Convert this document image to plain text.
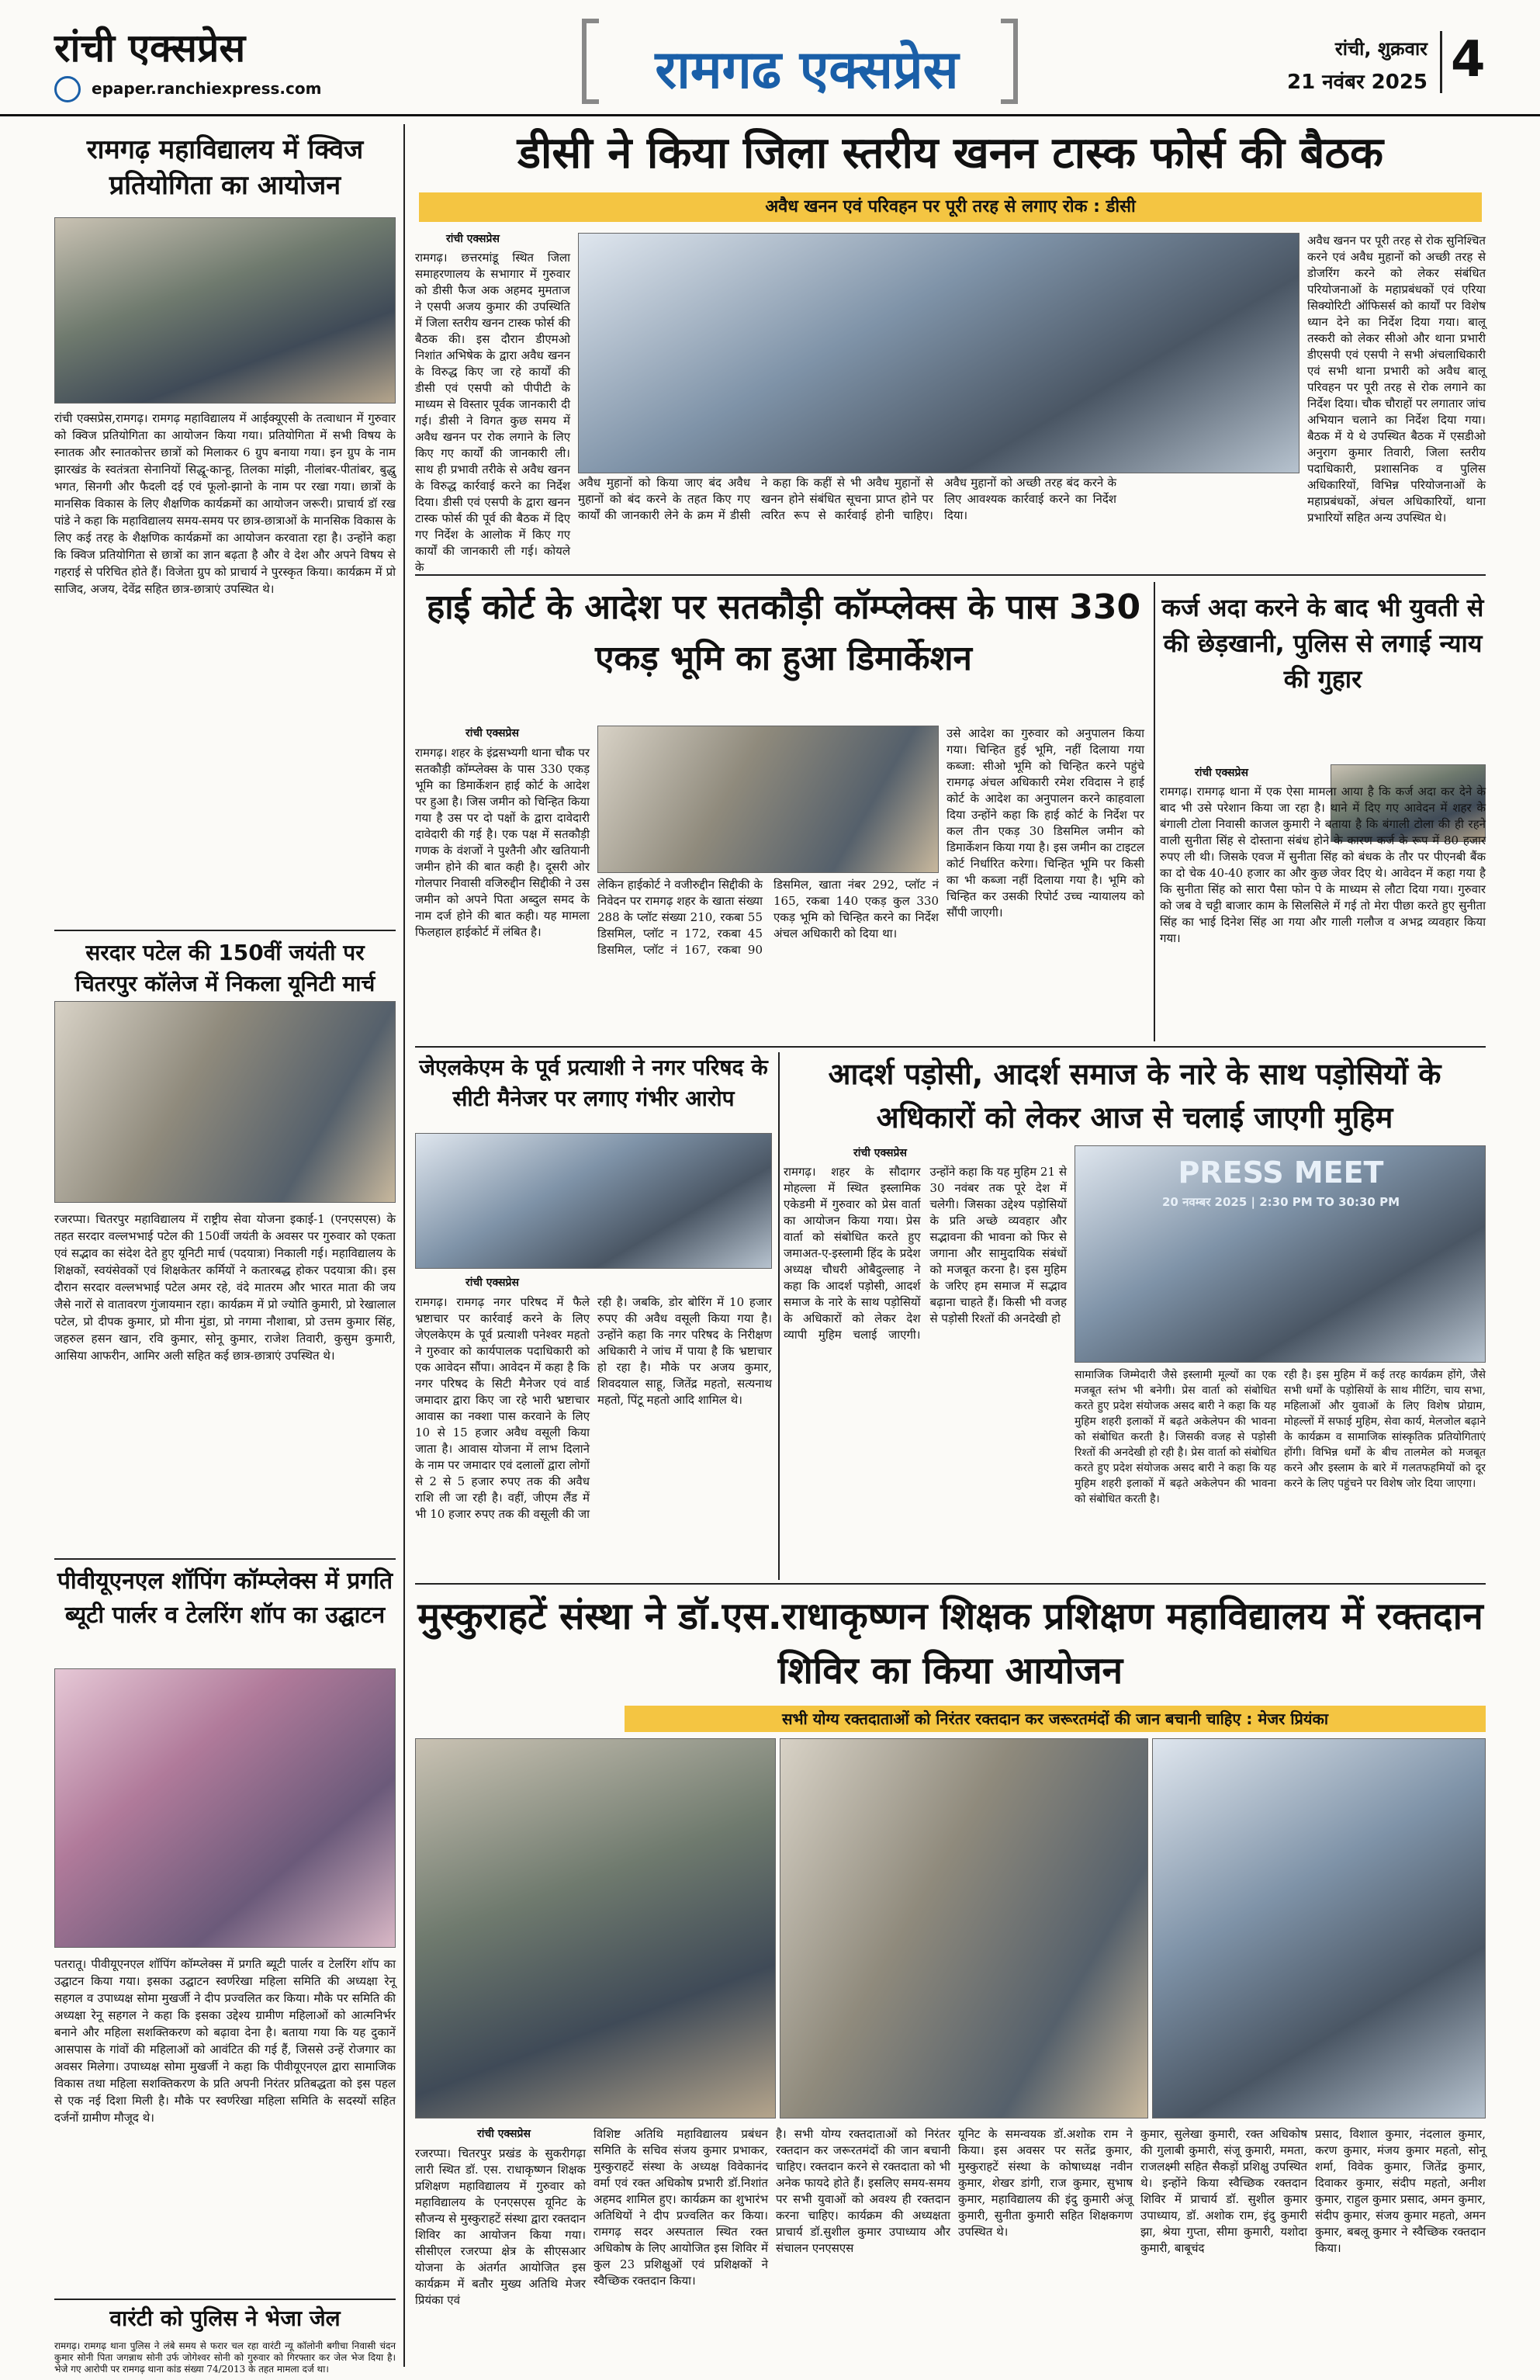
रांची एक्सप्रेस
epaper.ranchiexpress.com	रामगढ एक्सप्रेस	रांची, शुक्रवार
21 नवंबर 2025 4
रामगढ़ महाविद्यालय में क्विज प्रतियोगिता का आयोजन
रांची एक्सप्रेस,रामगढ़। रामगढ़ महाविद्यालय में आईक्यूएसी के तत्वाधान में गुरुवार को क्विज प्रतियोगिता का आयोजन किया गया। प्रतियोगिता में सभी विषय के स्नातक और स्नातकोत्तर छात्रों को मिलाकर 6 ग्रुप बनाया गया। इन ग्रुप के नाम झारखंड के स्वतंत्रता सेनानियों सिद्धू-कान्हू, तिलका मांझी, नीलांबर-पीतांबर, बुद्धु भगत, सिनगी और फैदली दई एवं फूलो-झानो के नाम पर रखा गया। छात्रों के मानसिक विकास के लिए शैक्षणिक कार्यक्रमों का आयोजन जरूरी। प्राचार्य डॉ रख पांडे ने कहा कि महाविद्यालय समय-समय पर छात्र-छात्राओं के मानसिक विकास के लिए कई तरह के शैक्षणिक कार्यक्रमों का आयोजन करवाता रहा है। उन्होंने कहा कि क्विज प्रतियोगिता से छात्रों का ज्ञान बढ़ता है और वे देश और अपने विषय से गहराई से परिचित होते हैं। विजेता ग्रुप को प्राचार्य ने पुरस्कृत किया। कार्यक्रम में प्रो साजिद, अजय, देवेंद्र सहित छात्र-छात्राएं उपस्थित थे।
सरदार पटेल की 150वीं जयंती पर चितरपुर कॉलेज में निकला यूनिटी मार्च
रजरप्पा। चितरपुर महाविद्यालय में राष्ट्रीय सेवा योजना इकाई-1 (एनएसएस) के तहत सरदार वल्लभभाई पटेल की 150वीं जयंती के अवसर पर गुरुवार को एकता एवं सद्भाव का संदेश देते हुए यूनिटी मार्च (पदयात्रा) निकाली गई। महाविद्यालय के शिक्षकों, स्वयंसेवकों एवं शिक्षकेतर कर्मियों ने कतारबद्ध होकर पदयात्रा की। इस दौरान सरदार वल्लभभाई पटेल अमर रहे, वंदे मातरम और भारत माता की जय जैसे नारों से वातावरण गुंजायमान रहा। कार्यक्रम में प्रो ज्योति कुमारी, प्रो रेखालाल पटेल, प्रो दीपक कुमार, प्रो मीना मुंडा, प्रो नगमा नौशाबा, प्रो उत्तम कुमार सिंह, जहरुल हसन खान, रवि कुमार, सोनू कुमार, राजेश तिवारी, कुसुम कुमारी, आसिया आफरीन, आमिर अली सहित कई छात्र-छात्राएं उपस्थित थे।
पीवीयूएनएल शॉपिंग कॉम्प्लेक्स में प्रगति ब्यूटी पार्लर व टेलरिंग शॉप का उद्घाटन
पतरातू। पीवीयूएनएल शॉपिंग कॉम्प्लेक्स में प्रगति ब्यूटी पार्लर व टेलरिंग शॉप का उद्घाटन किया गया। इसका उद्घाटन स्वर्णरेखा महिला समिति की अध्यक्षा रेनू सहगल व उपाध्यक्ष सोमा मुखर्जी ने दीप प्रज्वलित कर किया। मौके पर समिति की अध्यक्षा रेनू सहगल ने कहा कि इसका उद्देश्य ग्रामीण महिलाओं को आत्मनिर्भर बनाने और महिला सशक्तिकरण को बढ़ावा देना है। बताया गया कि यह दुकानें आसपास के गांवों की महिलाओं को आवंटित की गई हैं, जिससे उन्हें रोजगार का अवसर मिलेगा। उपाध्यक्ष सोमा मुखर्जी ने कहा कि पीवीयूएनएल द्वारा सामाजिक विकास तथा महिला सशक्तिकरण के प्रति अपनी निरंतर प्रतिबद्धता को इस पहल से एक नई दिशा मिली है। मौके पर स्वर्णरेखा महिला समिति के सदस्यों सहित दर्जनों ग्रामीण मौजूद थे।
वारंटी को पुलिस ने भेजा जेल
रामगढ़। रामगढ़ थाना पुलिस ने लंबे समय से फरार चल रहा वारंटी न्यू कॉलोनी बगीचा निवासी चंदन कुमार सोनी पिता जगन्नाथ सोनी उर्फ जोगेश्वर सोनी को गुरुवार को गिरफ्तार कर जेल भेज दिया है। भेजे गए आरोपी पर रामगढ़ थाना कांड संख्या 74/2013 के तहत मामला दर्ज था।
डीसी ने किया जिला स्तरीय खनन टास्क फोर्स की बैठक
अवैध खनन एवं परिवहन पर पूरी तरह से लगाए रोक : डीसी
रांची एक्सप्रेस
रामगढ़। छत्तरमांडू स्थित जिला समाहरणालय के सभागार में गुरुवार को डीसी फैज अक अहमद मुमताज ने एसपी अजय कुमार की उपस्थिति में जिला स्तरीय खनन टास्क फोर्स की बैठक की। इस दौरान डीएमओ निशांत अभिषेक के द्वारा अवैध खनन के विरुद्ध किए जा रहे कार्यों की डीसी एवं एसपी को पीपीटी के माध्यम से विस्तार पूर्वक जानकारी दी गई। डीसी ने विगत कुछ समय में अवैध खनन पर रोक लगाने के लिए किए गए कार्यों की जानकारी ली। साथ ही प्रभावी तरीके से अवैध खनन के विरुद्ध कार्रवाई करने का निर्देश दिया। डीसी एवं एसपी के द्वारा खनन टास्क फोर्स की पूर्व की बैठक में दिए गए निर्देश के आलोक में किए गए कार्यों की जानकारी ली गई। कोयले के
अवैध मुहानों को किया जाए बंद अवैध मुहानों को बंद करने के तहत किए गए कार्यों की जानकारी लेने के क्रम में डीसी ने कहा कि कहीं से भी अवैध मुहानों से खनन होने संबंधित सूचना प्राप्त होने पर त्वरित रूप से कार्रवाई होनी चाहिए। अवैध मुहानों को अच्छी तरह बंद करने के लिए आवश्यक कार्रवाई करने का निर्देश दिया।
अवैध खनन पर पूरी तरह से रोक सुनिश्चित करने एवं अवैध मुहानों को अच्छी तरह से डोजरिंग करने को लेकर संबंधित परियोजनाओं के महाप्रबंधकों एवं एरिया सिक्योरिटी ऑफिसर्स को कार्यों पर विशेष ध्यान देने का निर्देश दिया गया। बालू तस्करी को लेकर सीओ और थाना प्रभारी डीएसपी एवं एसपी ने सभी अंचलाधिकारी एवं सभी थाना प्रभारी को अवैध बालू परिवहन पर पूरी तरह से रोक लगाने का निर्देश दिया। चौक चौराहों पर लगातार जांच अभियान चलाने का निर्देश दिया गया। बैठक में ये थे उपस्थित बैठक में एसडीओ अनुराग कुमार तिवारी, जिला स्तरीय पदाधिकारी, प्रशासनिक व पुलिस अधिकारियों, विभिन्न परियोजनाओं के महाप्रबंधकों, अंचल अधिकारियों, थाना प्रभारियों सहित अन्य उपस्थित थे।
हाई कोर्ट के आदेश पर सतकौड़ी कॉम्प्लेक्स के पास 330 एकड़ भूमि का हुआ डिमार्केशन
रांची एक्सप्रेस
रामगढ़। शहर के इंद्रसभ्यगी थाना चौक पर सतकौड़ी कॉम्प्लेक्स के पास 330 एकड़ भूमि का डिमार्केशन हाई कोर्ट के आदेश पर हुआ है। जिस जमीन को चिन्हित किया गया है उस पर दो पक्षों के द्वारा दावेदारी दावेदारी की गई है। एक पक्ष में सतकौड़ी गणक के वंशजों ने पुश्तैनी और खतियानी जमीन होने की बात कही है। दूसरी ओर गोलपार निवासी वजिरुद्दीन सिद्दीकी ने उस जमीन को अपने पिता अब्दुल समद के नाम दर्ज होने की बात कही। यह मामला फिलहाल हाईकोर्ट में लंबित है।
लेकिन हाईकोर्ट ने वजीरुद्दीन सिद्दीकी के निवेदन पर रामगढ़ शहर के खाता संख्या 288 के प्लॉट संख्या 210, रकबा 55 डिसमिल, प्लॉट न 172, रकबा 45 डिसमिल, प्लॉट नं 167, रकबा 90 डिसमिल, खाता नंबर 292, प्लॉट नं 165, रकबा 140 एकड़ कुल 330 एकड़ भूमि को चिन्हित करने का निर्देश अंचल अधिकारी को दिया था।
उसे आदेश का गुरुवार को अनुपालन किया गया। चिन्हित हुई भूमि, नहीं दिलाया गया कब्जा: सीओ भूमि को चिन्हित करने पहुंचे रामगढ़ अंचल अधिकारी रमेश रविदास ने हाई कोर्ट के आदेश का अनुपालन करने काहवाला दिया उन्होंने कहा कि हाई कोर्ट के निर्देश पर कल तीन एकड़ 30 डिसमिल जमीन को डिमार्केशन किया गया है। इस जमीन का टाइटल कोर्ट निर्धारित करेगा। चिन्हित भूमि पर किसी का भी कब्जा नहीं दिलाया गया है। भूमि को चिन्हित कर उसकी रिपोर्ट उच्च न्यायालय को सौंपी जाएगी।
कर्ज अदा करने के बाद भी युवती से की छेड़खानी, पुलिस से लगाई न्याय की गुहार
रांची एक्सप्रेस
रामगढ़। रामगढ़ थाना में एक ऐसा मामला आया है कि कर्ज अदा कर देने के बाद भी उसे परेशान किया जा रहा है। थाने में दिए गए आवेदन में शहर के बंगाली टोला निवासी काजल कुमारी ने बताया है कि बंगाली टोला की ही रहने वाली सुनीता सिंह से दोस्ताना संबंध होने के कारण कर्ज के रूप में 80 हजार रुपए ली थी। जिसके एवज में सुनीता सिंह को बंधक के तौर पर पीएनबी बैंक का दो चेक 40-40 हजार का और कुछ जेवर दिए थे। आवेदन में कहा गया है कि सुनीता सिंह को सारा पैसा फोन पे के माध्यम से लौटा दिया गया। गुरुवार को जब वे चट्टी बाजार काम के सिलसिले में गई तो मेरा पीछा करते हुए सुनीता सिंह का भाई दिनेश सिंह आ गया और गाली गलौज व अभद्र व्यवहार किया गया।
जेएलकेएम के पूर्व प्रत्याशी ने नगर परिषद के सीटी मैनेजर पर लगाए गंभीर आरोप
रांची एक्सप्रेस
रामगढ़। रामगढ़ नगर परिषद में फैले भ्रष्टाचार पर कार्रवाई करने के लिए जेएलकेएम के पूर्व प्रत्याशी पनेश्वर महतो ने गुरुवार को कार्यपालक पदाधिकारी को एक आवेदन सौंपा। आवेदन में कहा है कि नगर परिषद के सिटी मैनेजर एवं वार्ड जमादार द्वारा किए जा रहे भारी भ्रष्टाचार आवास का नक्शा पास करवाने के लिए 10 से 15 हजार अवैध वसूली किया जाता है। आवास योजना में लाभ दिलाने के नाम पर जमादार एवं दलालों द्वारा लोगों से 2 से 5 हजार रुपए तक की अवैध राशि ली जा रही है। वहीं, जीएम लैंड में भी 10 हजार रुपए तक की वसूली की जा
रही है। जबकि, डोर बोरिंग में 10 हजार रुपए की अवैध वसूली किया गया है। उन्होंने कहा कि नगर परिषद के निरीक्षण अधिकारी ने जांच में पाया है कि भ्रष्टाचार हो रहा है। मौके पर अजय कुमार, शिवदयाल साहू, जितेंद्र महतो, सत्यनाथ महतो, पिंटू महतो आदि शामिल थे।
आदर्श पड़ोसी, आदर्श समाज के नारे के साथ पड़ोसियों के अधिकारों को लेकर आज से चलाई जाएगी मुहिम
रांची एक्सप्रेस
रामगढ़। शहर के सौदागर मोहल्ला में स्थित इस्लामिक एकेडमी में गुरुवार को प्रेस वार्ता का आयोजन किया गया। प्रेस वार्ता को संबोधित करते हुए जमाअत-ए-इस्लामी हिंद के प्रदेश अध्यक्ष चौधरी ओबैदुल्लाह ने कहा कि आदर्श पड़ोसी, आदर्श समाज के नारे के साथ पड़ोसियों के अधिकारों को लेकर देश व्यापी मुहिम चलाई जाएगी। उन्होंने कहा कि यह मुहिम 21 से 30 नवंबर तक पूरे देश में चलेगी। जिसका उद्देश्य पड़ोसियों के प्रति अच्छे व्यवहार और सद्भावना की भावना को फिर से जगाना और सामुदायिक संबंधों को मजबूत करना है। इस मुहिम के जरिए हम समाज में सद्भाव बढ़ाना चाहते हैं। किसी भी वजह से पड़ोसी रिश्तों की अनदेखी हो
PRESS MEET
20 नवम्बर 2025 | 2:30 PM TO 30:30 PM
सामाजिक जिम्मेदारी जैसे इस्लामी मूल्यों का एक मजबूत स्तंभ भी बनेगी। प्रेस वार्ता को संबोधित करते हुए प्रदेश संयोजक असद बारी ने कहा कि यह मुहिम शहरी इलाकों में बढ़ते अकेलेपन की भावना को संबोधित करती है। जिसकी वजह से पड़ोसी रिश्तों की अनदेखी हो रही है। प्रेस वार्ता को संबोधित करते हुए प्रदेश संयोजक असद बारी ने कहा कि यह मुहिम शहरी इलाकों में बढ़ते अकेलेपन की भावना को संबोधित करती है।
रही है। इस मुहिम में कई तरह कार्यक्रम होंगे, जैसे सभी धर्मों के पड़ोसियों के साथ मीटिंग, चाय सभा, महिलाओं और युवाओं के लिए विशेष प्रोग्राम, मोहल्लों में सफाई मुहिम, सेवा कार्य, मेलजोल बढ़ाने के कार्यक्रम व सामाजिक सांस्कृतिक प्रतियोगिताएं होंगी। विभिन्न धर्मों के बीच तालमेल को मजबूत करने और इस्लाम के बारे में गलतफहमियों को दूर करने के लिए पहुंचने पर विशेष जोर दिया जाएगा।
मुस्कुराहटें संस्था ने डॉ.एस.राधाकृष्णन शिक्षक प्रशिक्षण महाविद्यालय में रक्तदान शिविर का किया आयोजन
सभी योग्य रक्तदाताओं को निरंतर रक्तदान कर जरूरतमंदों की जान बचानी चाहिए : मेजर प्रियंका
रांची एक्सप्रेस
रजरप्पा। चितरपुर प्रखंड के सुकरीगढ़ा लारी स्थित डॉ. एस. राधाकृष्णन शिक्षक प्रशिक्षण महाविद्यालय में गुरुवार को महाविद्यालय के एनएसएस यूनिट के सौजन्य से मुस्कुराहटें संस्था द्वारा रक्तदान शिविर का आयोजन किया गया। सीसीएल रजरप्पा क्षेत्र के सीएसआर योजना के अंतर्गत आयोजित इस कार्यक्रम में बतौर मुख्य अतिथि मेजर प्रियंका एवं
विशिष्ट अतिथि महाविद्यालय प्रबंधन समिति के सचिव संजय कुमार प्रभाकर, मुस्कुराहटें संस्था के अध्यक्ष विवेकानंद वर्मा एवं रक्त अधिकोष प्रभारी डॉ.निशांत अहमद शामिल हुए। कार्यक्रम का शुभारंभ अतिथियों ने दीप प्रज्वलित कर किया। रामगढ़ सदर अस्पताल स्थित रक्त अधिकोष के लिए आयोजित इस शिविर में कुल 23 प्रशिक्षुओं एवं प्रशिक्षकों ने स्वैच्छिक रक्तदान किया।
है। सभी योग्य रक्तदाताओं को निरंतर रक्तदान कर जरूरतमंदों की जान बचानी चाहिए। रक्तदान करने से रक्तदाता को भी अनेक फायदे होते हैं। इसलिए समय-समय पर सभी युवाओं को अवश्य ही रक्तदान करना चाहिए। कार्यक्रम की अध्यक्षता प्राचार्य डॉ.सुशील कुमार उपाध्याय और संचालन एनएसएस
यूनिट के समन्वयक डॉ.अशोक राम ने किया। इस अवसर पर सतेंद्र कुमार, मुस्कुराहटें संस्था के कोषाध्यक्ष नवीन कुमार, शेखर डांगी, राज कुमार, सुभाष कुमार, महाविद्यालय की इंदु कुमारी अंजू कुमारी, सुनीता कुमारी सहित शिक्षकगण उपस्थित थे।
कुमार, सुलेखा कुमारी, रक्त अधिकोष की गुलाबी कुमारी, संजू कुमारी, ममता, राजलक्ष्मी सहित सैकड़ों प्रशिक्षु उपस्थित थे। इन्होंने किया स्वैच्छिक रक्तदान शिविर में प्राचार्य डॉ. सुशील कुमार उपाध्याय, डॉ. अशोक राम, इंदु कुमारी झा, श्रेया गुप्ता, सीमा कुमारी, यशोदा कुमारी, बाबूचंद
प्रसाद, विशाल कुमार, नंदलाल कुमार, करण कुमार, मंजय कुमार महतो, सोनू शर्मा, विवेक कुमार, जितेंद्र कुमार, दिवाकर कुमार, संदीप महतो, अनीश कुमार, राहुल कुमार प्रसाद, अमन कुमार, संदीप कुमार, संजय कुमार महतो, अमन कुमार, बबलू कुमार ने स्वैच्छिक रक्तदान किया।
